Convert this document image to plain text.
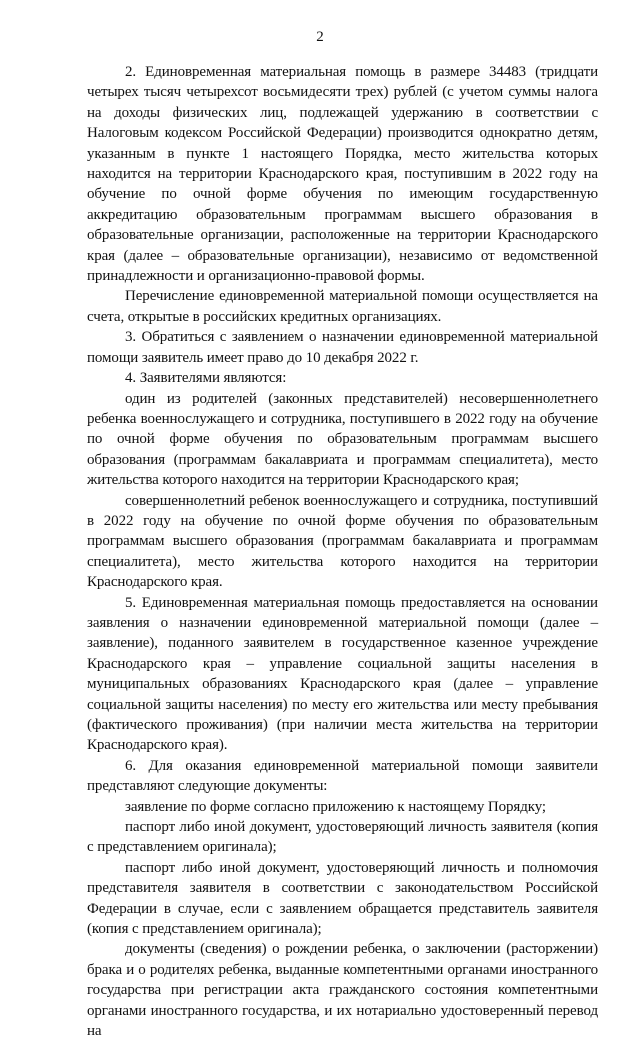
2

2. Единовременная материальная помощь в размере 34483 (тридцати четырех тысяч четырехсот восьмидесяти трех) рублей (с учетом суммы налога на доходы физических лиц, подлежащей удержанию в соответствии с Налоговым кодексом Российской Федерации) производится однократно детям, указанным в пункте 1 настоящего Порядка, место жительства которых находится на территории Краснодарского края, поступившим в 2022 году на обучение по очной форме обучения по имеющим государственную аккредитацию образовательным программам высшего образования в образовательные организации, расположенные на территории Краснодарского края (далее – образовательные организации), независимо от ведомственной принадлежности и организационно-правовой формы.

Перечисление единовременной материальной помощи осуществляется на счета, открытые в российских кредитных организациях.

3. Обратиться с заявлением о назначении единовременной материальной помощи заявитель имеет право до 10 декабря 2022 г.

4. Заявителями являются:

один из родителей (законных представителей) несовершеннолетнего ребенка военнослужащего и сотрудника, поступившего в 2022 году на обучение по очной форме обучения по образовательным программам высшего образования (программам бакалавриата и программам специалитета), место жительства которого находится на территории Краснодарского края;

совершеннолетний ребенок военнослужащего и сотрудника, поступивший в 2022 году на обучение по очной форме обучения по образовательным программам высшего образования (программам бакалавриата и программам специалитета), место жительства которого находится на территории Краснодарского края.

5. Единовременная материальная помощь предоставляется на основании заявления о назначении единовременной материальной помощи (далее – заявление), поданного заявителем в государственное казенное учреждение Краснодарского края – управление социальной защиты населения в муниципальных образованиях Краснодарского края (далее – управление социальной защиты населения) по месту его жительства или месту пребывания (фактического проживания) (при наличии места жительства на территории Краснодарского края).

6. Для оказания единовременной материальной помощи заявители представляют следующие документы:

заявление по форме согласно приложению к настоящему Порядку;

паспорт либо иной документ, удостоверяющий личность заявителя (копия с представлением оригинала);

паспорт либо иной документ, удостоверяющий личность и полномочия представителя заявителя в соответствии с законодательством Российской Федерации в случае, если с заявлением обращается представитель заявителя (копия с представлением оригинала);

документы (сведения) о рождении ребенка, о заключении (расторжении) брака и о родителях ребенка, выданные компетентными органами иностранного государства при регистрации акта гражданского состояния компетентными органами иностранного государства, и их нотариально удостоверенный перевод на
